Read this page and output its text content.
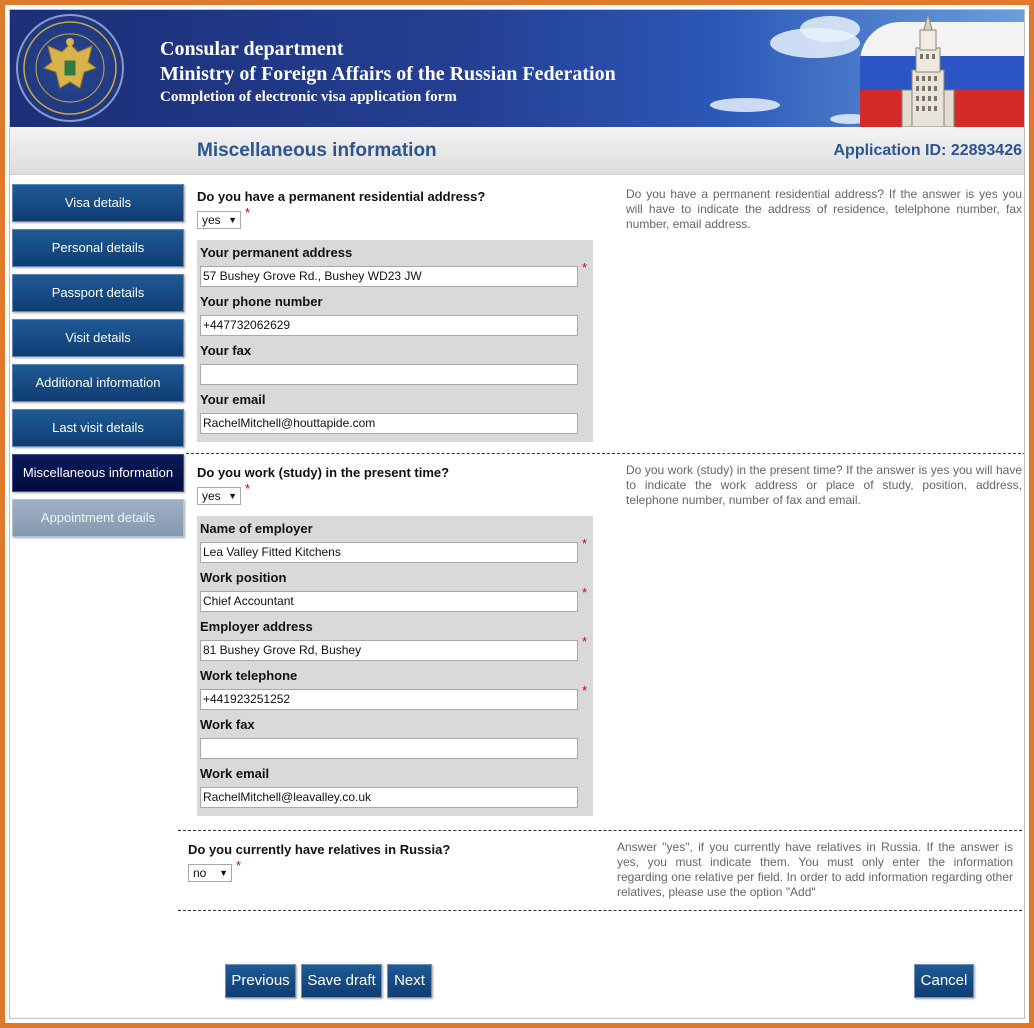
Consular department
Ministry of Foreign Affairs of the Russian Federation
Completion of electronic visa application form
Miscellaneous information	Application ID: 22893426
Visa details
Personal details
Passport details
Visit details
Additional information
Last visit details
Miscellaneous information
Appointment details
Do you have a permanent residential address?
yes ▼ *
Do you have a permanent residential address? If the answer is yes you will have to indicate the address of residence, telelphone number, fax number, email address.
Your permanent address
57 Bushey Grove Rd., Bushey WD23 JW
*
Your phone number
+447732062629
Your fax
Your email
RachelMitchell@houttapide.com
Do you work (study) in the present time?
yes ▼ *
Do you work (study) in the present time? If the answer is yes you will have to indicate the work address or place of study, position, address, telephone number, number of fax and email.
Name of employer
Lea Valley Fitted Kitchens
*
Work position
Chief Accountant
*
Employer address
81 Bushey Grove Rd, Bushey
*
Work telephone
+441923251252
*
Work fax
Work email
RachelMitchell@leavalley.co.uk
Do you currently have relatives in Russia?
no ▼ *
Answer "yes", if you currently have relatives in Russia. If the answer is yes, you must indicate them. You must only enter the information regarding one relative per field. In order to add information regarding other relatives, please use the option "Add"
Previous	Save draft	Next	Cancel
